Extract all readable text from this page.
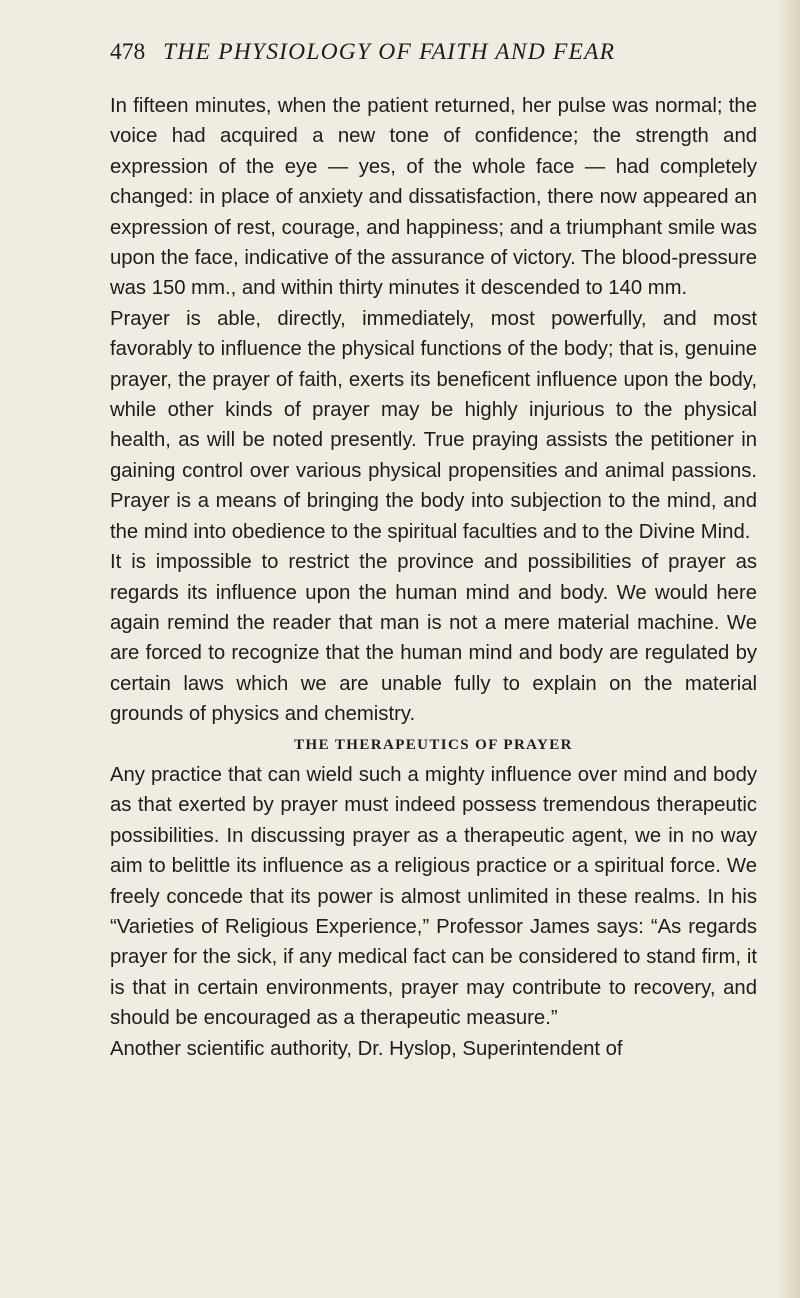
478 THE PHYSIOLOGY OF FAITH AND FEAR

In fifteen minutes, when the patient returned, her pulse was normal; the voice had acquired a new tone of confidence; the strength and expression of the eye — yes, of the whole face — had completely changed: in place of anxiety and dissatisfaction, there now appeared an expression of rest, courage, and happiness; and a triumphant smile was upon the face, indicative of the assurance of victory. The blood-pressure was 150 mm., and within thirty minutes it descended to 140 mm.

Prayer is able, directly, immediately, most powerfully, and most favorably to influence the physical functions of the body; that is, genuine prayer, the prayer of faith, exerts its beneficent influence upon the body, while other kinds of prayer may be highly injurious to the physical health, as will be noted presently. True praying assists the petitioner in gaining control over various physical propensities and animal passions. Prayer is a means of bringing the body into subjection to the mind, and the mind into obedience to the spiritual faculties and to the Divine Mind.

It is impossible to restrict the province and possibilities of prayer as regards its influence upon the human mind and body. We would here again remind the reader that man is not a mere material machine. We are forced to recognize that the human mind and body are regulated by certain laws which we are unable fully to explain on the material grounds of physics and chemistry.

THE THERAPEUTICS OF PRAYER

Any practice that can wield such a mighty influence over mind and body as that exerted by prayer must indeed possess tremendous therapeutic possibilities. In discussing prayer as a therapeutic agent, we in no way aim to belittle its influence as a religious practice or a spiritual force. We freely concede that its power is almost unlimited in these realms. In his “Varieties of Religious Experience,” Professor James says: “As regards prayer for the sick, if any medical fact can be considered to stand firm, it is that in certain environments, prayer may contribute to recovery, and should be encouraged as a therapeutic measure.”

Another scientific authority, Dr. Hyslop, Superintendent of
